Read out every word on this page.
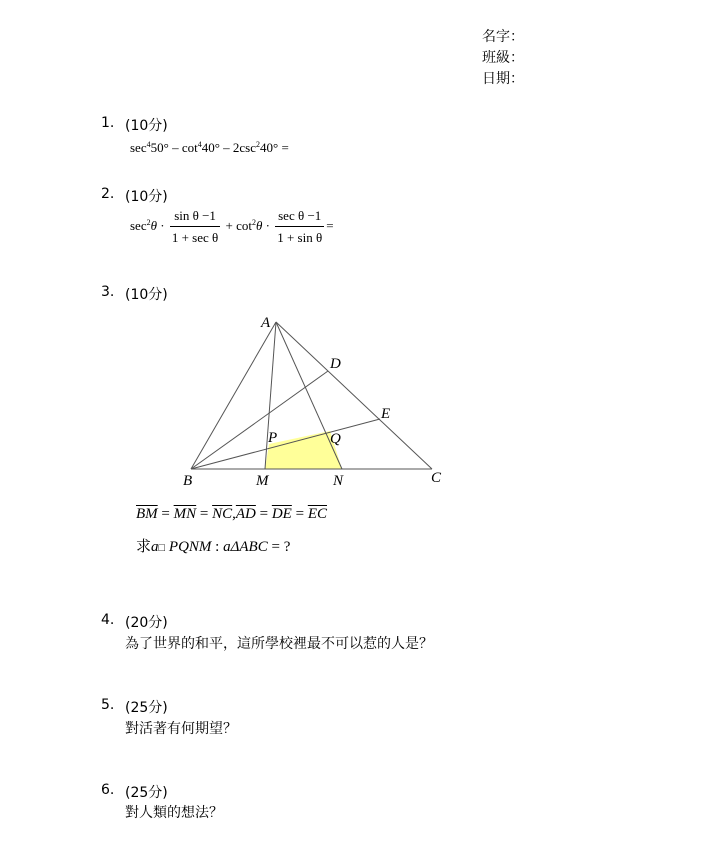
名字：
班級：
日期：
1. (10分)
$\sec^450^\circ - \cot^440^\circ - 2\csc^240^\circ$ =
2. (10分)
$\sec^2\theta \cdot \frac{\text{sin θ −1}}{\text{1 + sec θ}} + \cot^2\theta \cdot \frac{\text{sec θ −1}}{\text{1 + sin θ}}$ =
3. (10分)
A
B	C
D
E
P	Q
M	N
$\overline{BM} = \overline{MN} = \overline{NC},\overline{AD} = \overline{DE} = \overline{EC}$
求a□ PQNM : aΔABC = ?
4. (20分)
為了世界的和平，這所學校裡最不可以惹的人是？
5. (25分)
對活著有何期望？
6. (25分)
對人類的想法？
